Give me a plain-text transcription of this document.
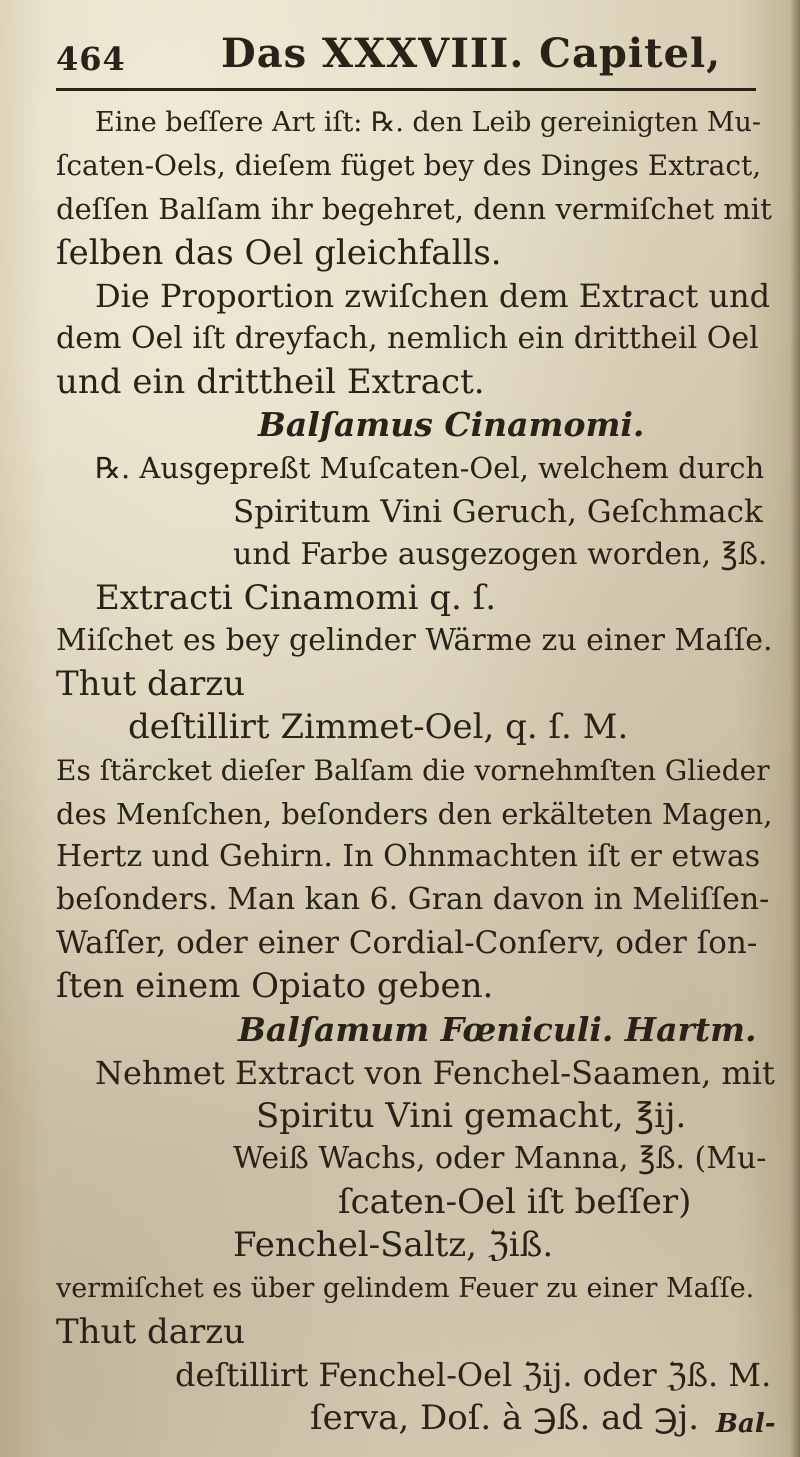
464 Das XXXVIII. Capitel,
Eine beſſere Art iſt: ℞. den Leib gereinigten Mu-
ſcaten-Oels, dieſem füget bey des Dinges Extract,
deſſen Balſam ihr begehret, denn vermiſchet mit
ſelben das Oel gleichfalls.
Die Proportion zwiſchen dem Extract und
dem Oel iſt dreyfach, nemlich ein drittheil Oel
und ein drittheil Extract.
Balſamus Cinamomi.
℞. Ausgepreßt Muſcaten-Oel, welchem durch
Spiritum Vini Geruch, Geſchmack
und Farbe ausgezogen worden, ℥ß.
Extracti Cinamomi q. ſ.
Miſchet es bey gelinder Wärme zu einer Maſſe.
Thut darzu
deſtillirt Zimmet-Oel, q. ſ. M.
Es ſtärcket dieſer Balſam die vornehmſten Glieder
des Menſchen, beſonders den erkälteten Magen,
Hertz und Gehirn. In Ohnmachten iſt er etwas
beſonders. Man kan 6. Gran davon in Meliſſen-
Waſſer, oder einer Cordial-Conſerv, oder ſon-
ſten einem Opiato geben.
Balſamum Fœniculi. Hartm.
Nehmet Extract von Fenchel-Saamen, mit
Spiritu Vini gemacht, ℥ij.
Weiß Wachs, oder Manna, ℥ß. (Mu-
ſcaten-Oel iſt beſſer)
Fenchel-Saltz, ℨiß.
vermiſchet es über gelindem Feuer zu einer Maſſe.
Thut darzu
deſtillirt Fenchel-Oel ℨij. oder ℨß. M.
ſerva, Doſ. à ℈ß. ad ℈j. Bal-
